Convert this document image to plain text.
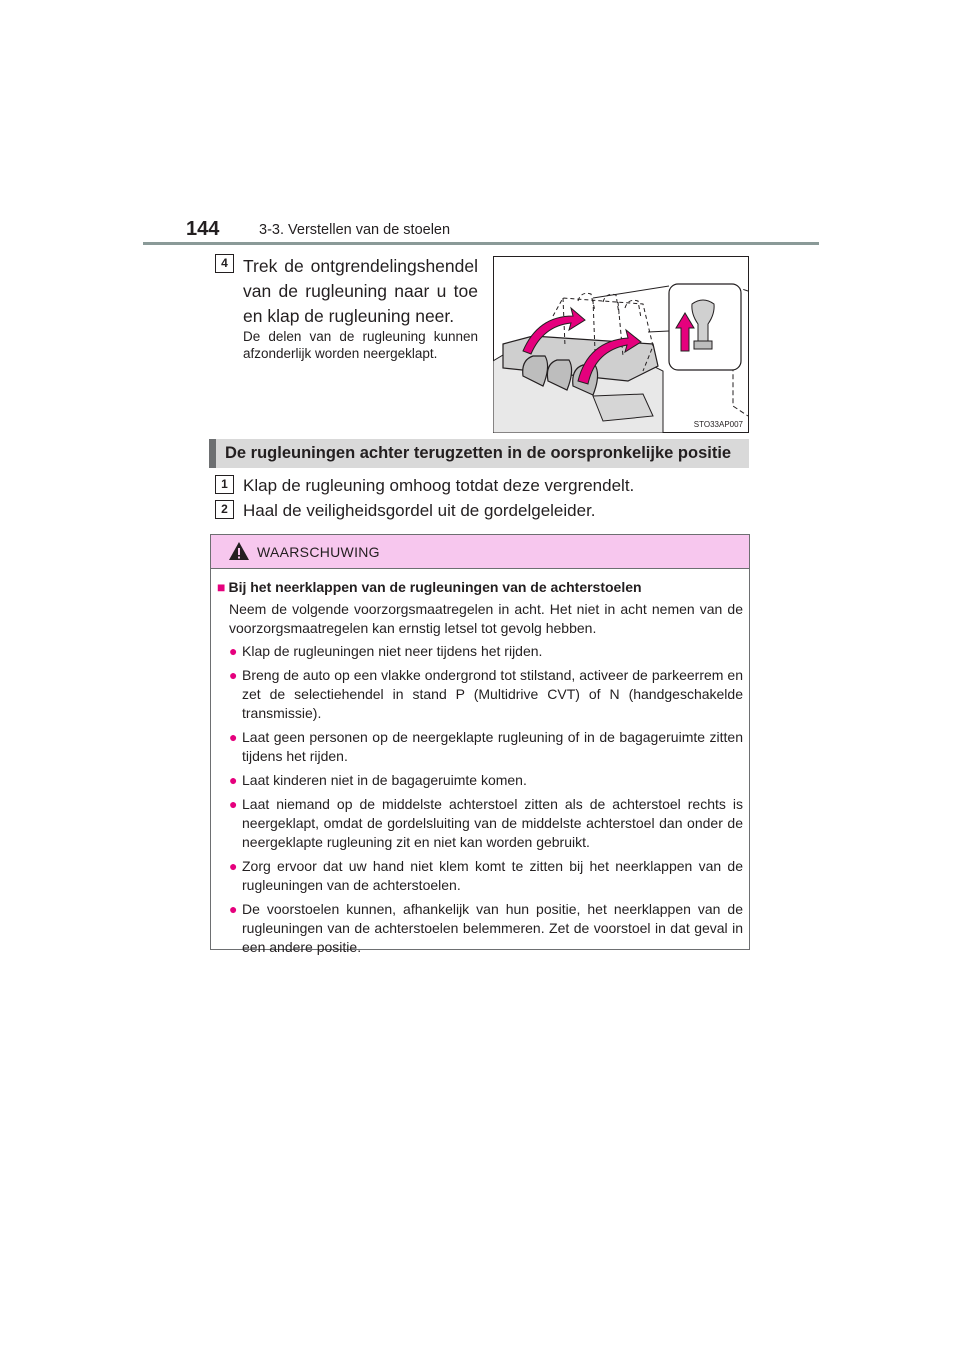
144	3-3. Verstellen van de stoelen
4 Trek de ontgrendelingshendel van de rugleuning naar u toe en klap de rugleuning neer.
De delen van de rugleuning kunnen afzonderlijk worden neergeklapt.
STO33AP007
De rugleuningen achter terugzetten in de oorspronkelijke positie
1 Klap de rugleuning omhoog totdat deze vergrendelt.
2 Haal de veiligheidsgordel uit de gordelgeleider.
WAARSCHUWING

■ Bij het neerklappen van de rugleuningen van de achterstoelen

Neem de volgende voorzorgsmaatregelen in acht. Het niet in acht nemen van de voorzorgsmaatregelen kan ernstig letsel tot gevolg hebben.

● Klap de rugleuningen niet neer tijdens het rijden.
● Breng de auto op een vlakke ondergrond tot stilstand, activeer de parkeerrem en zet de selectiehendel in stand P (Multidrive CVT) of N (handgeschakelde transmissie).
● Laat geen personen op de neergeklapte rugleuning of in de bagageruimte zitten tijdens het rijden.
● Laat kinderen niet in de bagageruimte komen.
● Laat niemand op de middelste achterstoel zitten als de achterstoel rechts is neergeklapt, omdat de gordelsluiting van de middelste achterstoel dan onder de neergeklapte rugleuning zit en niet kan worden gebruikt.
● Zorg ervoor dat uw hand niet klem komt te zitten bij het neerklappen van de rugleuningen van de achterstoelen.
● De voorstoelen kunnen, afhankelijk van hun positie, het neerklappen van de rugleuningen van de achterstoelen belemmeren. Zet de voorstoel in dat geval in een andere positie.
